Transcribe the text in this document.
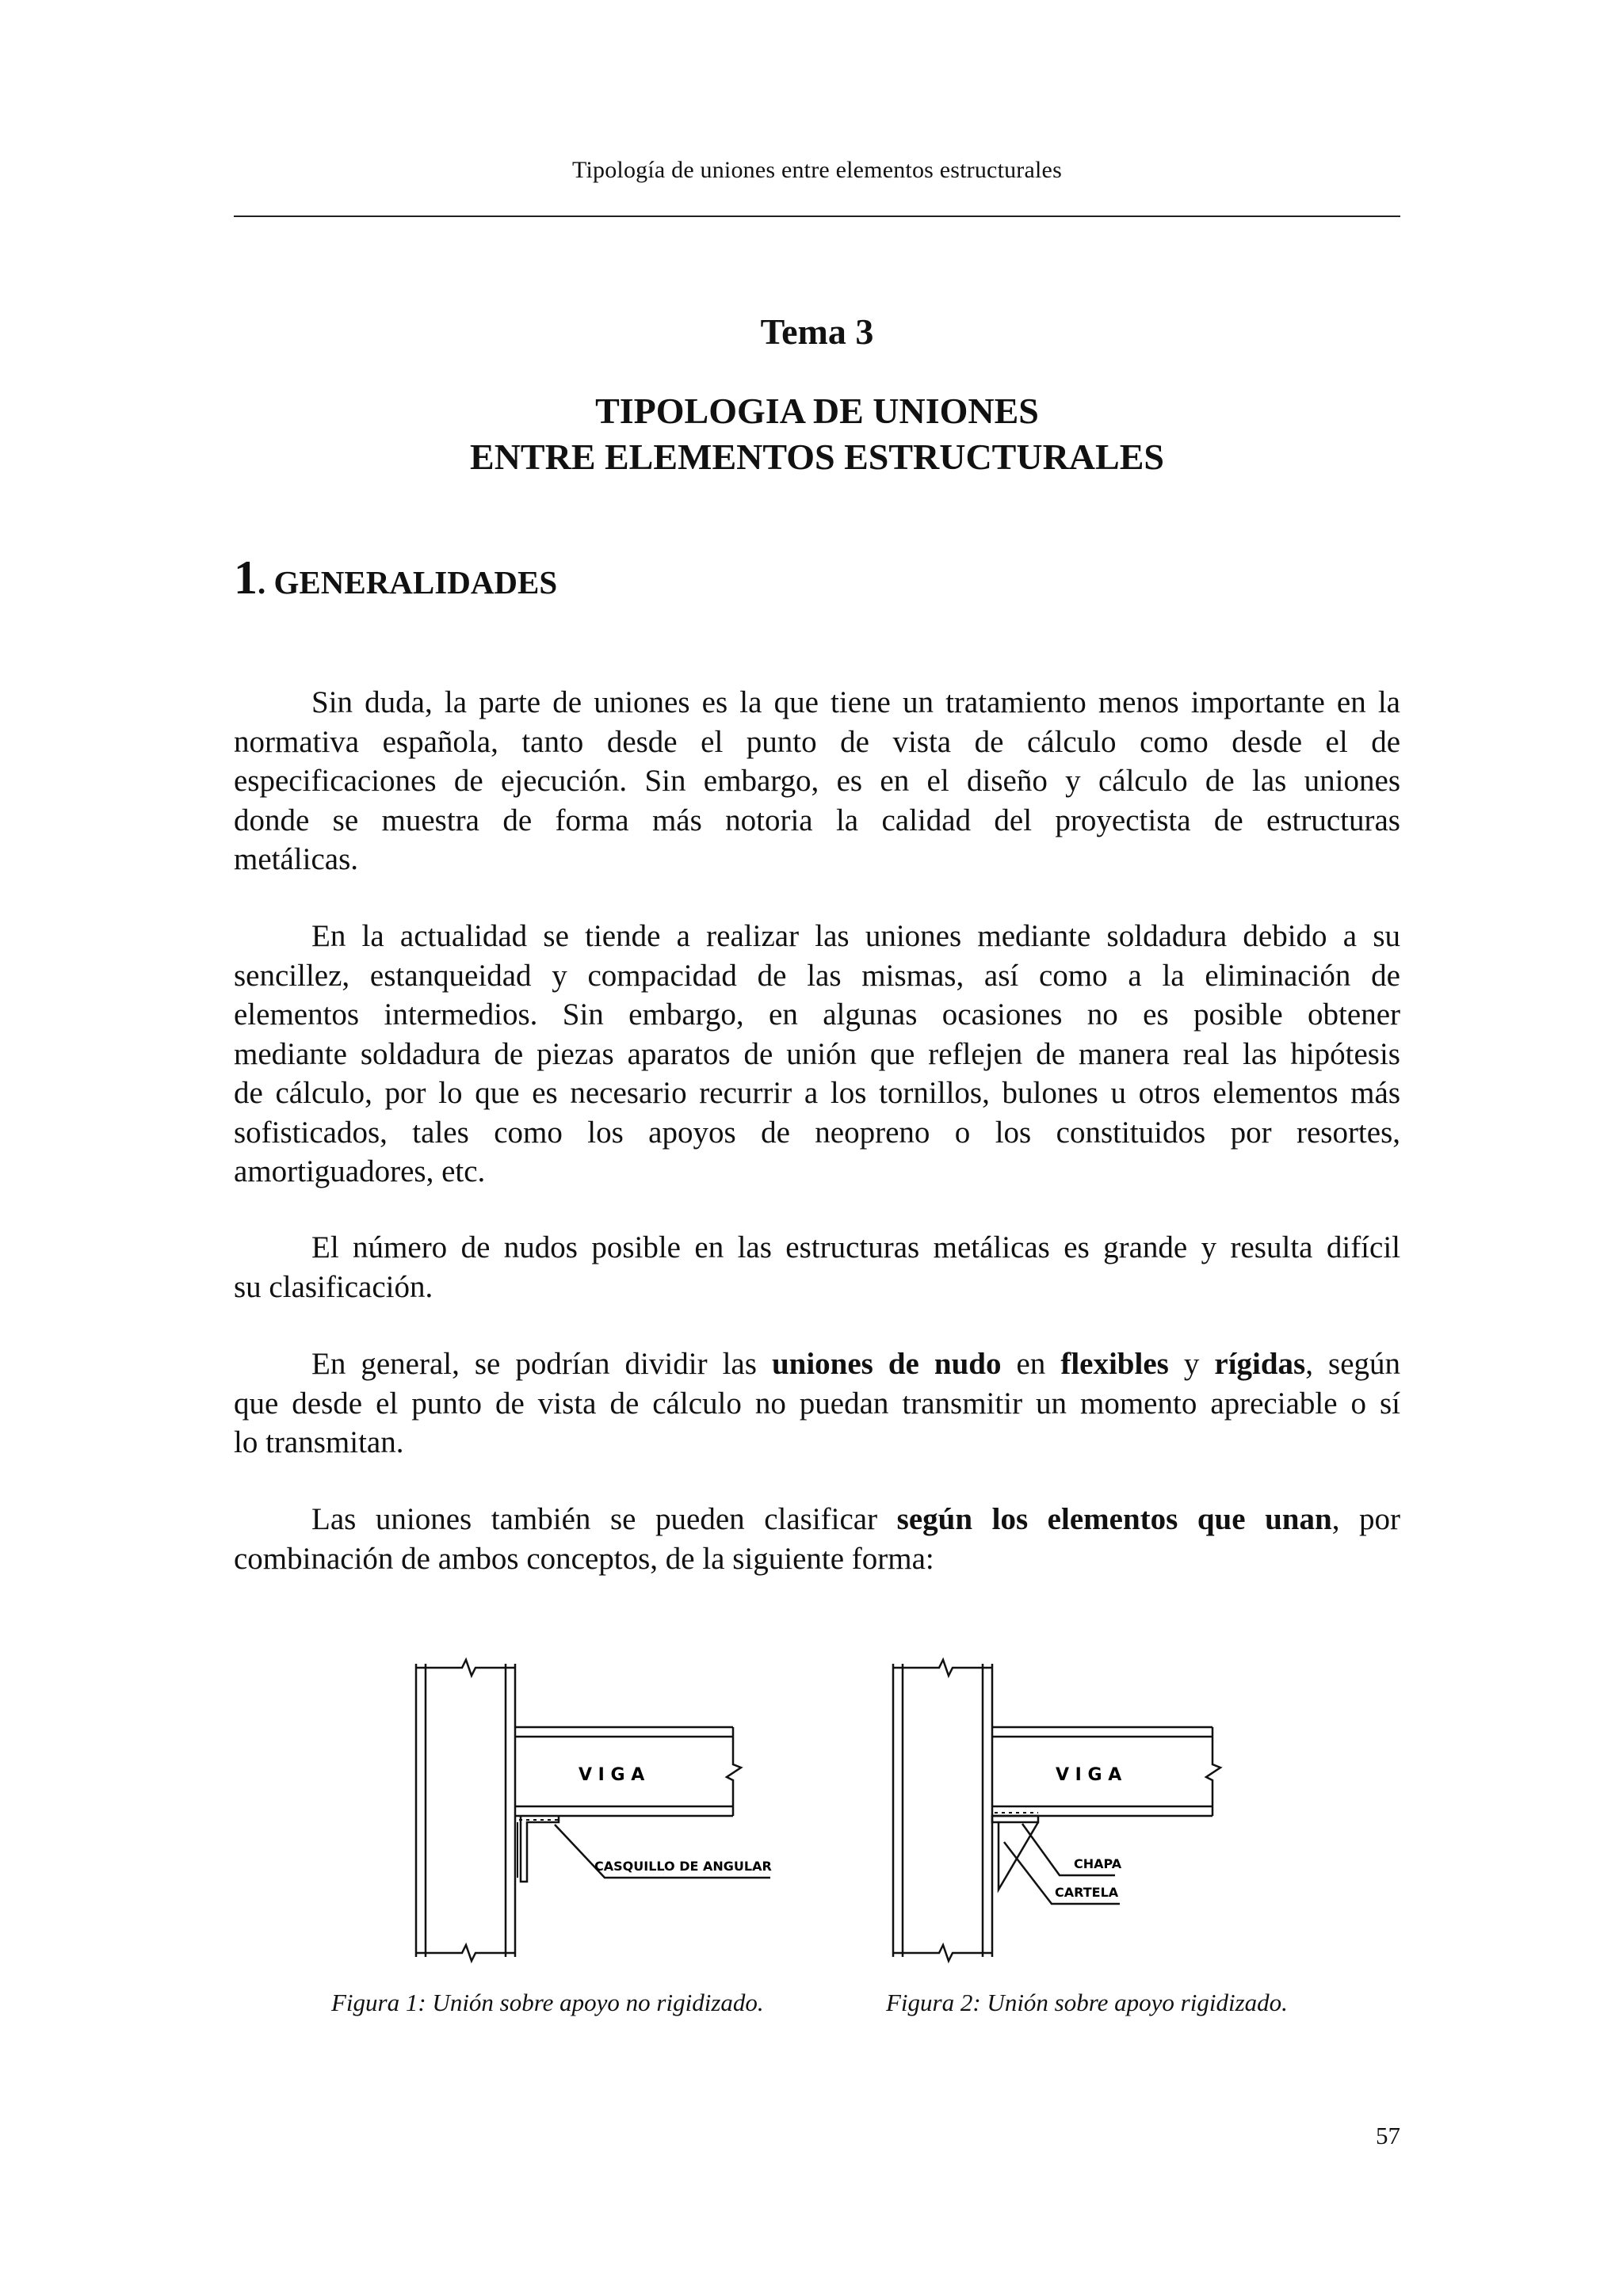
Tipología de uniones entre elementos estructurales
Tema 3
TIPOLOGIA DE UNIONES
ENTRE ELEMENTOS ESTRUCTURALES
1. GENERALIDADES
Sin duda, la parte de uniones es la que tiene un tratamiento menos importante en la
normativa española, tanto desde el punto de vista de cálculo como desde el de
especificaciones de ejecución. Sin embargo, es en el diseño y cálculo de las uniones
donde se muestra de forma más notoria la calidad del proyectista de estructuras
metálicas.
En la actualidad se tiende a realizar las uniones mediante soldadura debido a su
sencillez, estanqueidad y compacidad de las mismas, así como a la eliminación de
elementos intermedios. Sin embargo, en algunas ocasiones no es posible obtener
mediante soldadura de piezas aparatos de unión que reflejen de manera real las hipótesis
de cálculo, por lo que es necesario recurrir a los tornillos, bulones u otros elementos más
sofisticados, tales como los apoyos de neopreno o los constituidos por resortes,
amortiguadores, etc.
El número de nudos posible en las estructuras metálicas es grande y resulta difícil
su clasificación.
En general, se podrían dividir las uniones de nudo en flexibles y rígidas, según
que desde el punto de vista de cálculo no puedan transmitir un momento apreciable o sí
lo transmitan.
Las uniones también se pueden clasificar según los elementos que unan, por
combinación de ambos conceptos, de la siguiente forma:
V I G A
CASQUILLO DE ANGULAR
Figura 1: Unión sobre apoyo no rigidizado.
V I G A
CHAPA
CARTELA
Figura 2: Unión sobre apoyo rigidizado.
57
